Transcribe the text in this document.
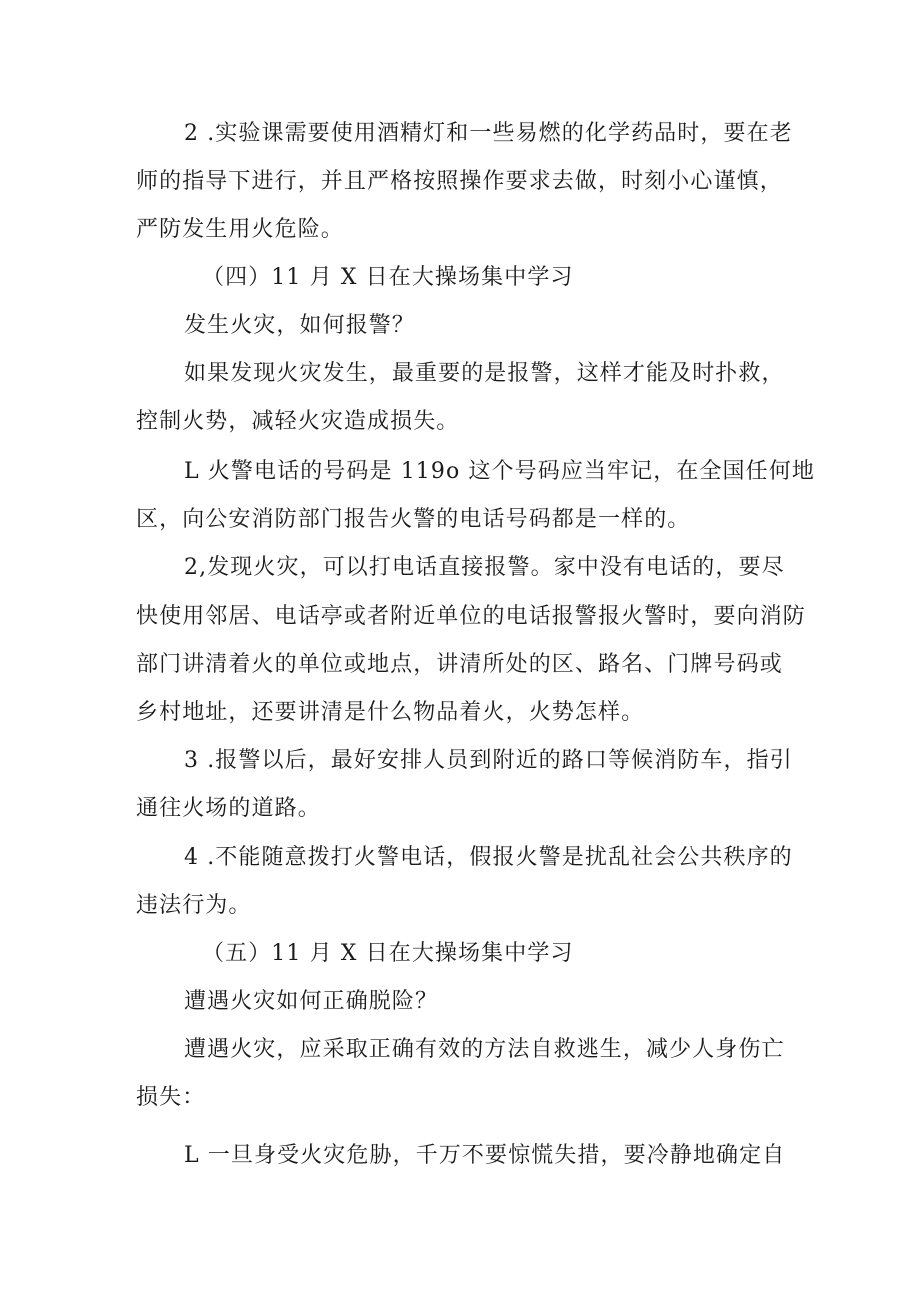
2 .实验课需要使用酒精灯和一些易燃的化学药品时，要在老
师的指导下进行，并且严格按照操作要求去做，时刻小心谨慎，
严防发生用火危险。
（四）11 月 X 日在大操场集中学习
发生火灾，如何报警？
如果发现火灾发生，最重要的是报警，这样才能及时扑救，
控制火势，减轻火灾造成损失。
L 火警电话的号码是 119o 这个号码应当牢记，在全国任何地
区，向公安消防部门报告火警的电话号码都是一样的。
2,发现火灾，可以打电话直接报警。家中没有电话的，要尽
快使用邻居、电话亭或者附近单位的电话报警报火警时，要向消防
部门讲清着火的单位或地点，讲清所处的区、路名、门牌号码或
乡村地址，还要讲清是什么物品着火，火势怎样。
3 .报警以后，最好安排人员到附近的路口等候消防车，指引
通往火场的道路。
4 .不能随意拨打火警电话，假报火警是扰乱社会公共秩序的
违法行为。
（五）11 月 X 日在大操场集中学习
遭遇火灾如何正确脱险？
遭遇火灾，应采取正确有效的方法自救逃生，减少人身伤亡
损失：
L 一旦身受火灾危胁，千万不要惊慌失措，要冷静地确定自
